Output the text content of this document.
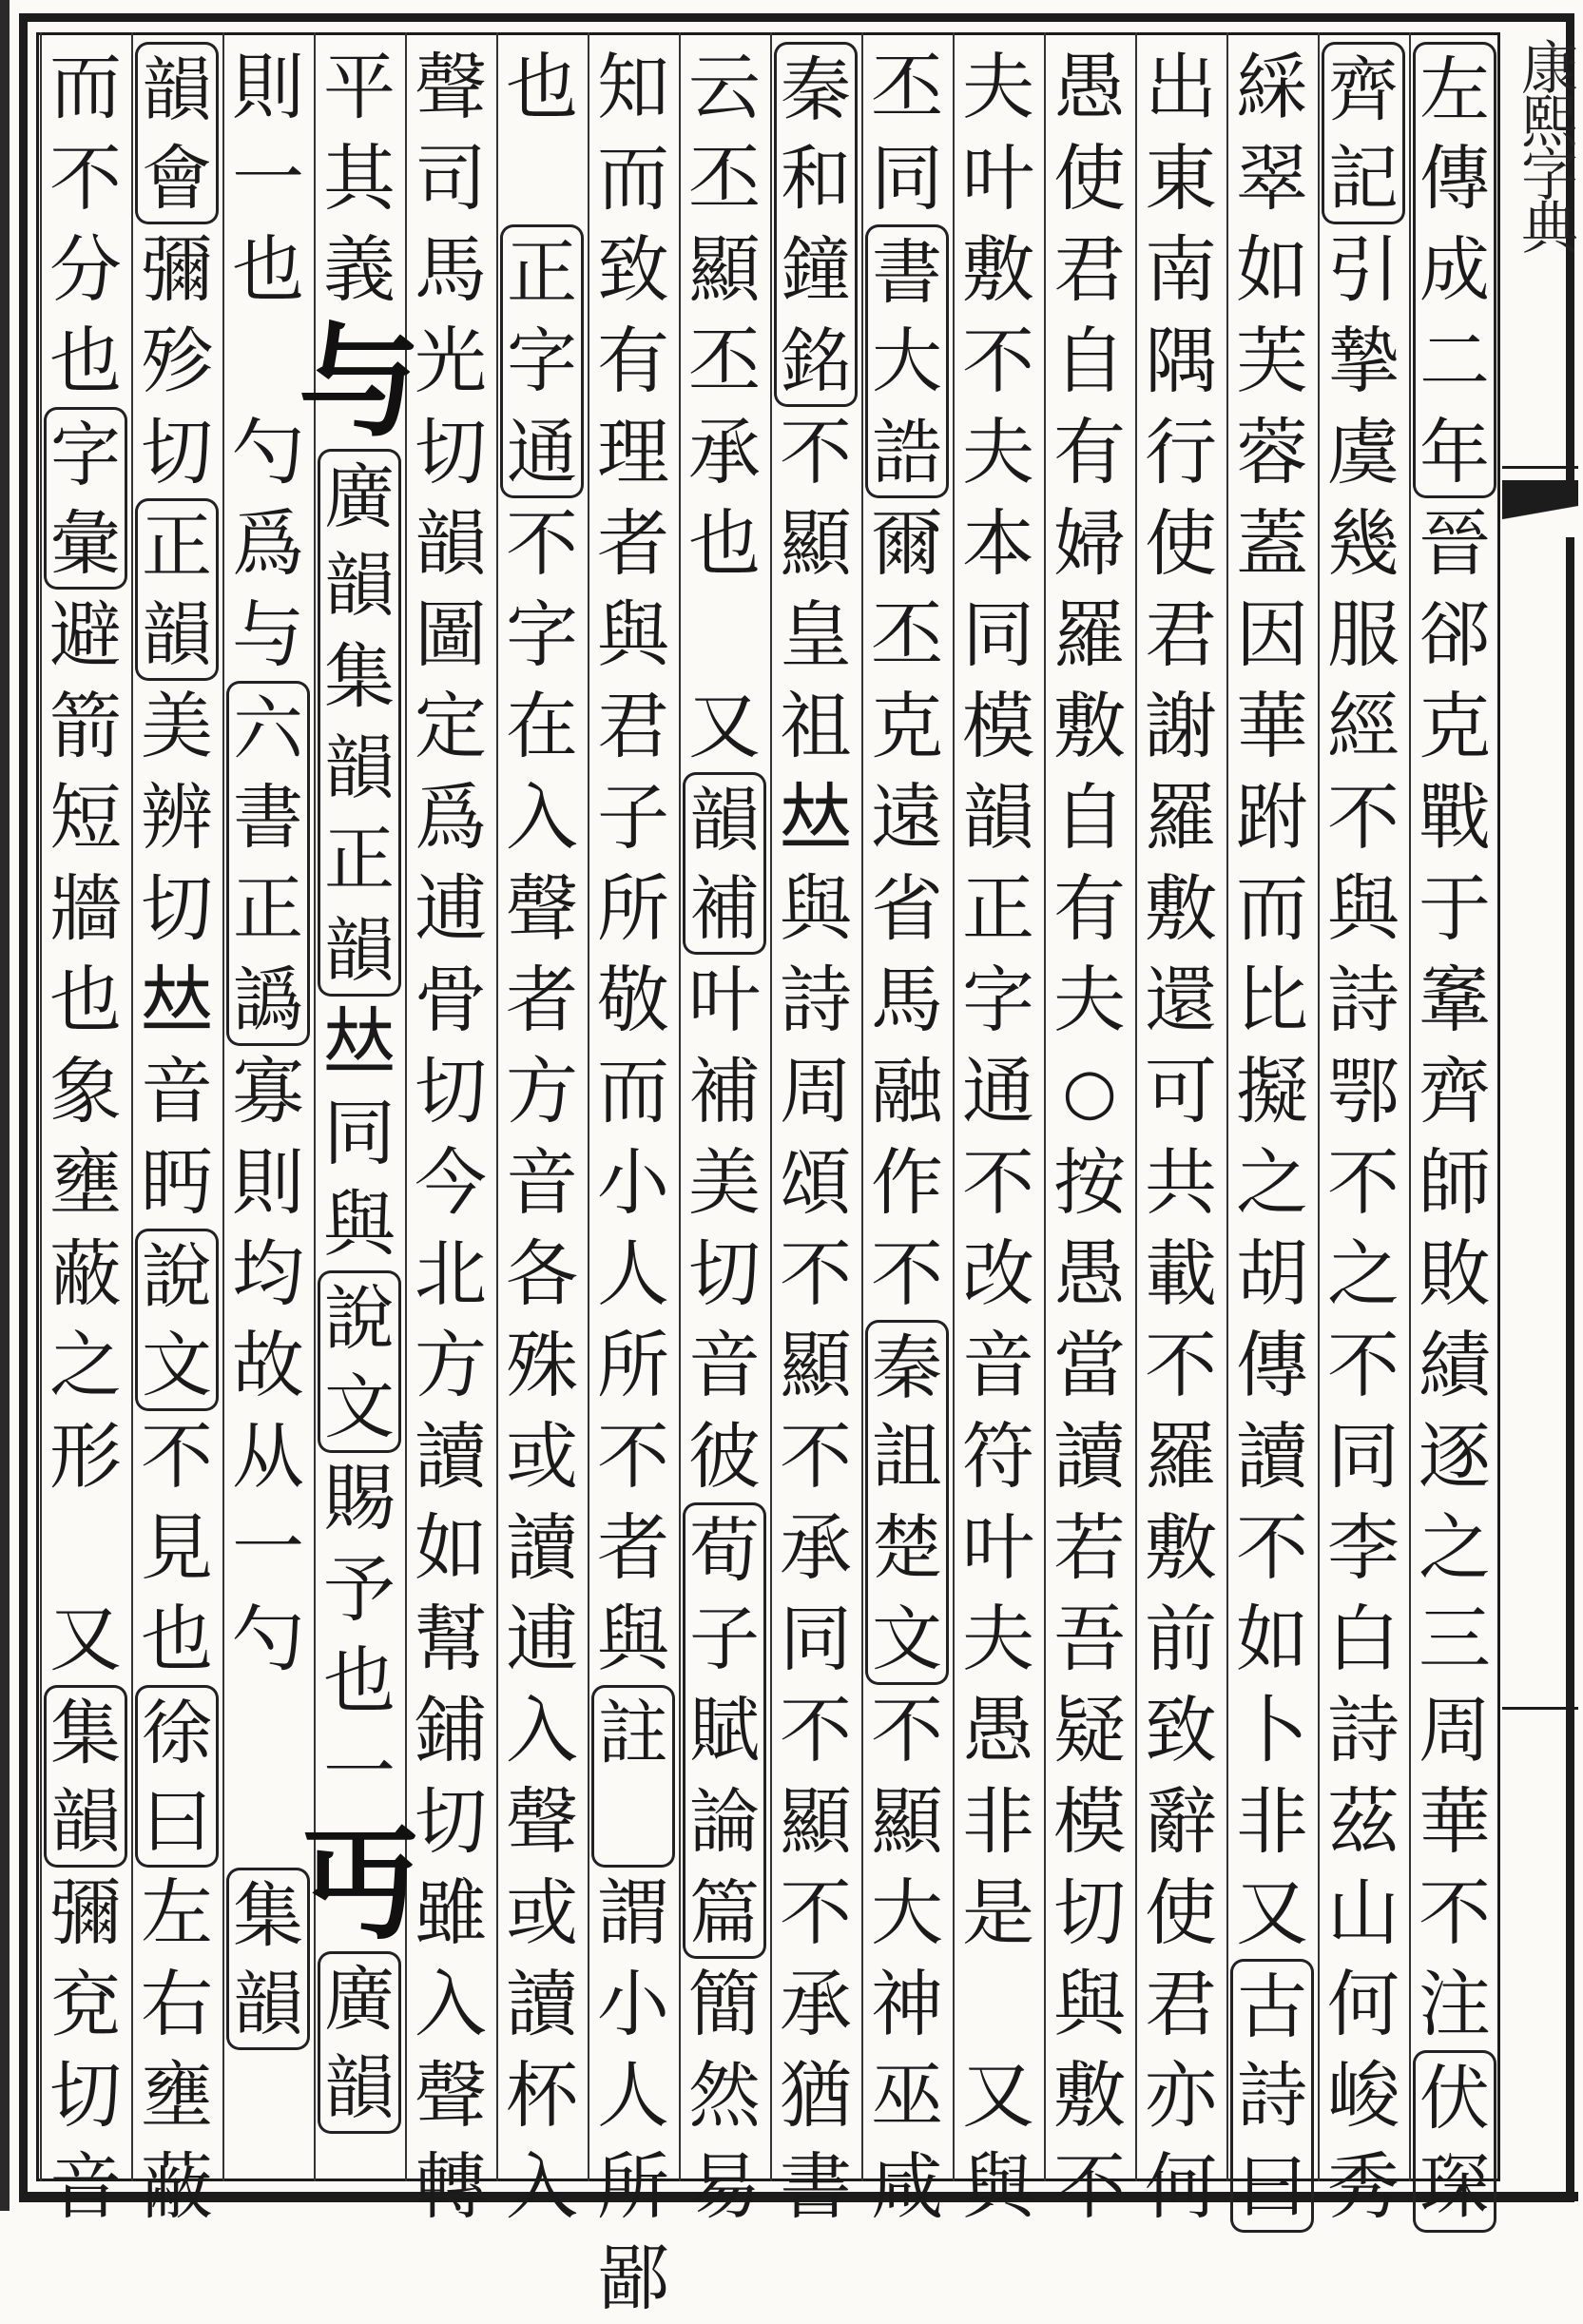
康熙字典
左
傳
成
二
年
晉
郤
克
戰
于
鞌
齊
師
敗
績
逐
之
三
周
華
不
注
伏
琛
齊
記
引
摯
虞
幾
服
經
不
與
詩
鄂
不
之
不
同
李
白
詩
茲
山
何
峻
秀
綵
翠
如
芙
蓉
蓋
因
華
跗
而
比
擬
之
胡
傳
讀
不
如
卜
非
又
古
詩
曰
出
東
南
隅
行
使
君
謝
羅
敷
還
可
共
載
不
羅
敷
前
致
辭
使
君
亦
何
愚
使
君
自
有
婦
羅
敷
自
有
夫
○
按
愚
當
讀
若
吾
疑
模
切
與
敷
不
夫
叶
敷
不
夫
本
同
模
韻
正
字
通
不
改
音
符
叶
夫
愚
非
是
又
與
丕
同
書
大
誥
爾
丕
克
遠
省
馬
融
作
不
秦
詛
楚
文
不
顯
大
神
巫
咸
秦
和
鐘
銘
不
顯
皇
祖
𠀤
與
詩
周
頌
不
顯
不
承
同
不
顯
不
承
猶
書
云
丕
顯
丕
承
也
又
韻
補
叶
補
美
切
音
彼
荀
子
賦
論
篇
簡
然
易
知
而
致
有
理
者
與
君
子
所
敬
而
小
人
所
不
者
與
註
謂
小
人
所
鄙
也
正
字
通
不
字
在
入
聲
者
方
音
各
殊
或
讀
逋
入
聲
或
讀
杯
入
聲
司
馬
光
切
韻
圖
定
爲
逋
骨
切
今
北
方
讀
如
幫
鋪
切
雖
入
聲
轉
平
其
義
与
廣
韻
集
韻
正
韻
𠀤
同
與
說
文
賜
予
也
一
丏
廣
韻
則
一
也
勺
爲
与
六
書
正
譌
寡
則
均
故
从
一
勺
集
韻
韻
會
彌
殄
切
正
韻
美
辨
切
𠀤
音
眄
說
文
不
見
也
徐
曰
左
右
壅
蔽
而
不
分
也
字
彙
避
箭
短
牆
也
象
壅
蔽
之
形
又
集
韻
彌
兗
切
音
